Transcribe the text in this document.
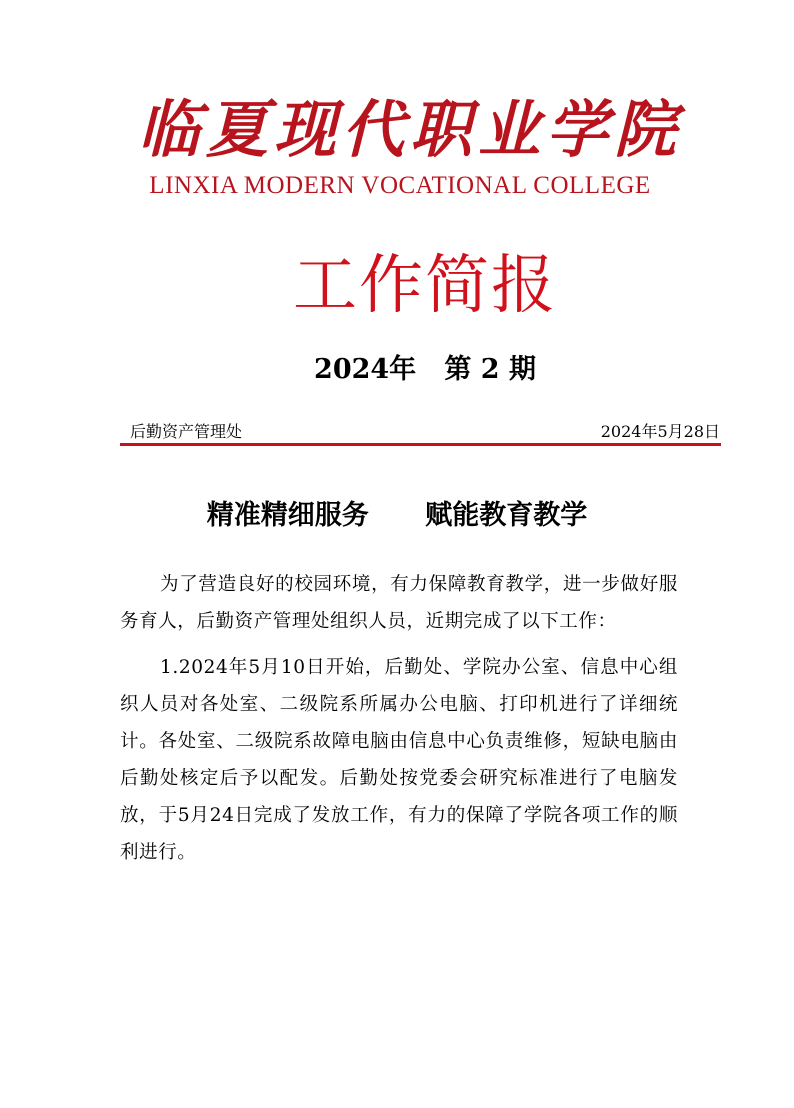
临夏现代职业学院
LINXIA MODERN VOCATIONAL COLLEGE
工作简报
2024年   第 2 期
后勤资产管理处	2024年5月28日
精准精细服务      赋能教育教学
为了营造良好的校园环境，有力保障教育教学，进一步做好服务育人，后勤资产管理处组织人员，近期完成了以下工作：
1.2024年5月10日开始，后勤处、学院办公室、信息中心组织人员对各处室、二级院系所属办公电脑、打印机进行了详细统计。各处室、二级院系故障电脑由信息中心负责维修，短缺电脑由后勤处核定后予以配发。后勤处按党委会研究标准进行了电脑发放，于5月24日完成了发放工作，有力的保障了学院各项工作的顺利进行。
